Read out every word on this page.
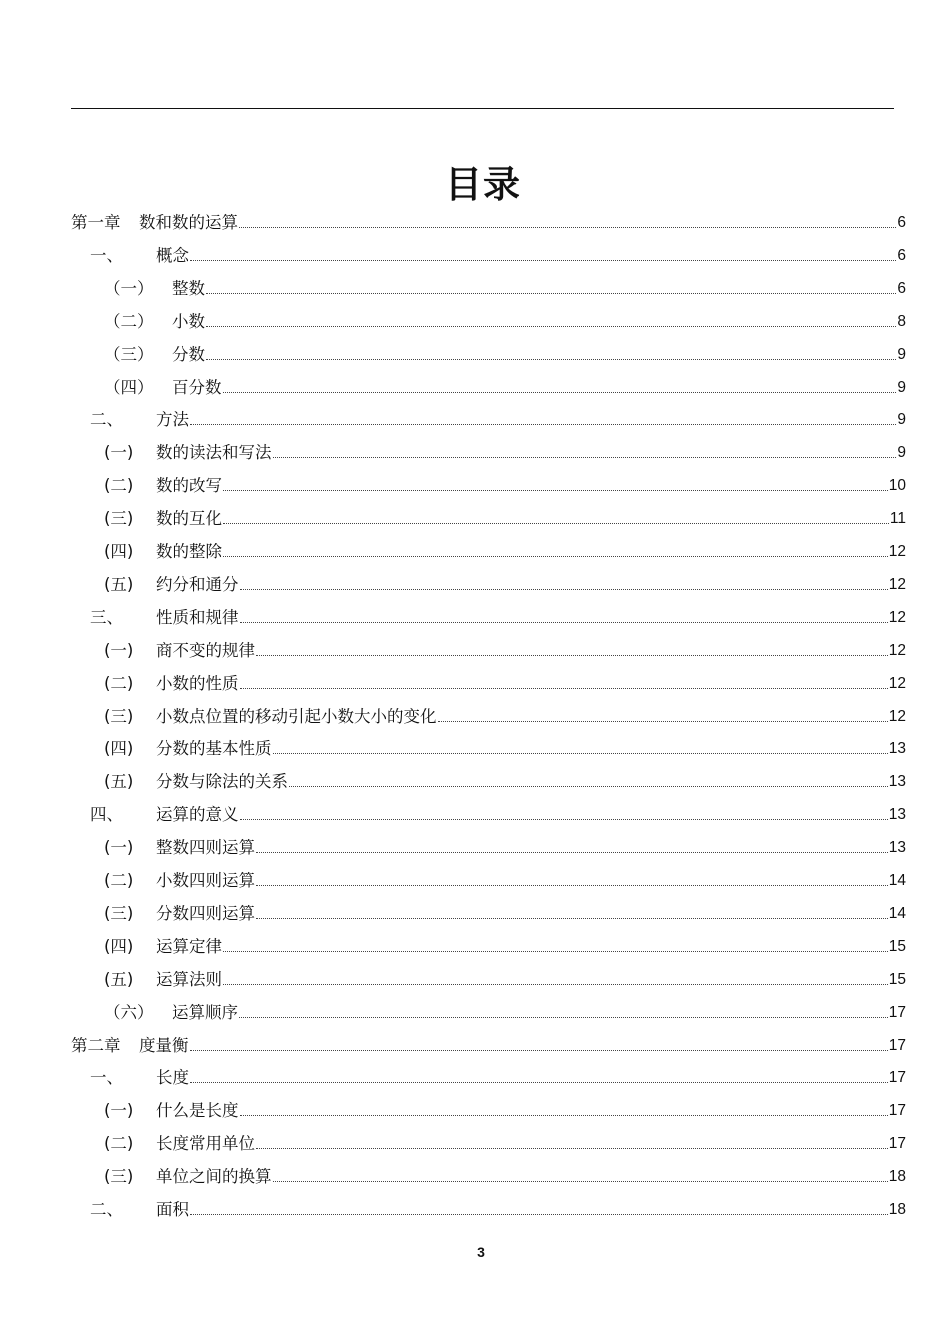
目录
第一章	数和数的运算	6
一、	概念	6
（一）	整数	6
（二）	小数	8
（三）	分数	9
（四）	百分数	9
二、	方法	9
(一)	数的读法和写法	9
(二)	数的改写	10
(三)	数的互化	11
(四)	数的整除	12
(五)	约分和通分	12
三、	性质和规律	12
(一)	商不变的规律	12
(二)	小数的性质	12
(三)	小数点位置的移动引起小数大小的变化	12
(四)	分数的基本性质	13
(五)	分数与除法的关系	13
四、	运算的意义	13
(一)	整数四则运算	13
(二)	小数四则运算	14
(三)	分数四则运算	14
(四)	运算定律	15
(五)	运算法则	15
（六）	运算顺序	17
第二章	度量衡	17
一、	长度	17
(一)	什么是长度	17
(二)	长度常用单位	17
(三)	单位之间的换算	18
二、	面积	18
3
